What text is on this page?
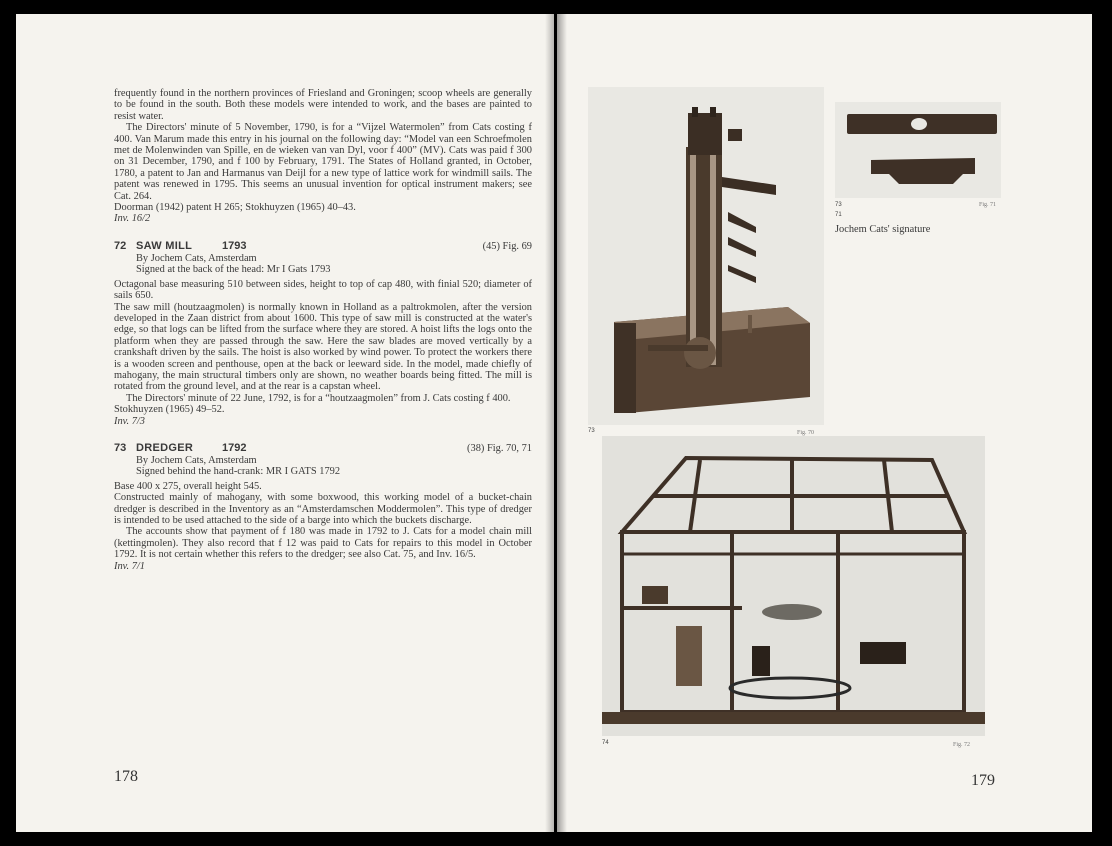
frequently found in the northern provinces of Friesland and Groningen; scoop wheels are generally to be found in the south. Both these models were intended to work, and the bases are painted to resist water.

The Directors' minute of 5 November, 1790, is for a “Vijzel Watermolen” from Cats costing f 400. Van Marum made this entry in his journal on the following day: “Model van een Schroefmolen met de Molenwinden van Spille, en de wieken van van Dyl, voor f 400” (MV). Cats was paid f 300 on 31 December, 1790, and f 100 by February, 1791. The States of Holland granted, in October, 1780, a patent to Jan and Harmanus van Deijl for a new type of lattice work for windmill sails. The patent was renewed in 1795. This seems an unusual invention for optical instrument makers; see Cat. 264.

Doorman (1942) patent H 265; Stokhuyzen (1965) 40–43.

Inv. 16/2

72 SAW MILL	1793	(45) Fig. 69

By Jochem Cats, Amsterdam

Signed at the back of the head: Mr I Gats 1793

Octagonal base measuring 510 between sides, height to top of cap 480, with finial 520; diameter of sails 650.

The saw mill (houtzaagmolen) is normally known in Holland as a paltrokmolen, after the version developed in the Zaan district from about 1600. This type of saw mill is constructed at the water's edge, so that logs can be lifted from the surface where they are stored. A hoist lifts the logs onto the platform when they are passed through the saw. Here the saw blades are moved vertically by a crankshaft driven by the sails. The hoist is also worked by wind power. To protect the workers there is a wooden screen and penthouse, open at the back or leeward side. In the model, made chiefly of mahogany, the main structural timbers only are shown, no weather boards being fitted. The mill is rotated from the ground level, and at the rear is a capstan wheel.

The Directors' minute of 22 June, 1792, is for a “houtzaagmolen” from J. Cats costing f 400.

Stokhuyzen (1965) 49–52.

Inv. 7/3

73 DREDGER	1792	(38) Fig. 70, 71

By Jochem Cats, Amsterdam

Signed behind the hand-crank: MR I GATS 1792

Base 400 x 275, overall height 545.

Constructed mainly of mahogany, with some boxwood, this working model of a bucket-chain dredger is described in the Inventory as an “Amsterdamschen Moddermolen”. This type of dredger is intended to be used attached to the side of a barge into which the buckets discharge.

The accounts show that payment of f 180 was made in 1792 to J. Cats for a model chain mill (kettingmolen). They also record that f 12 was paid to Cats for repairs to this model in October 1792. It is not certain whether this refers to the dredger; see also Cat. 75, and Inv. 16/5.

Inv. 7/1

178
73	Fig. 70
73	Fig. 71
71
Jochem Cats' signature
74	Fig. 72
179
